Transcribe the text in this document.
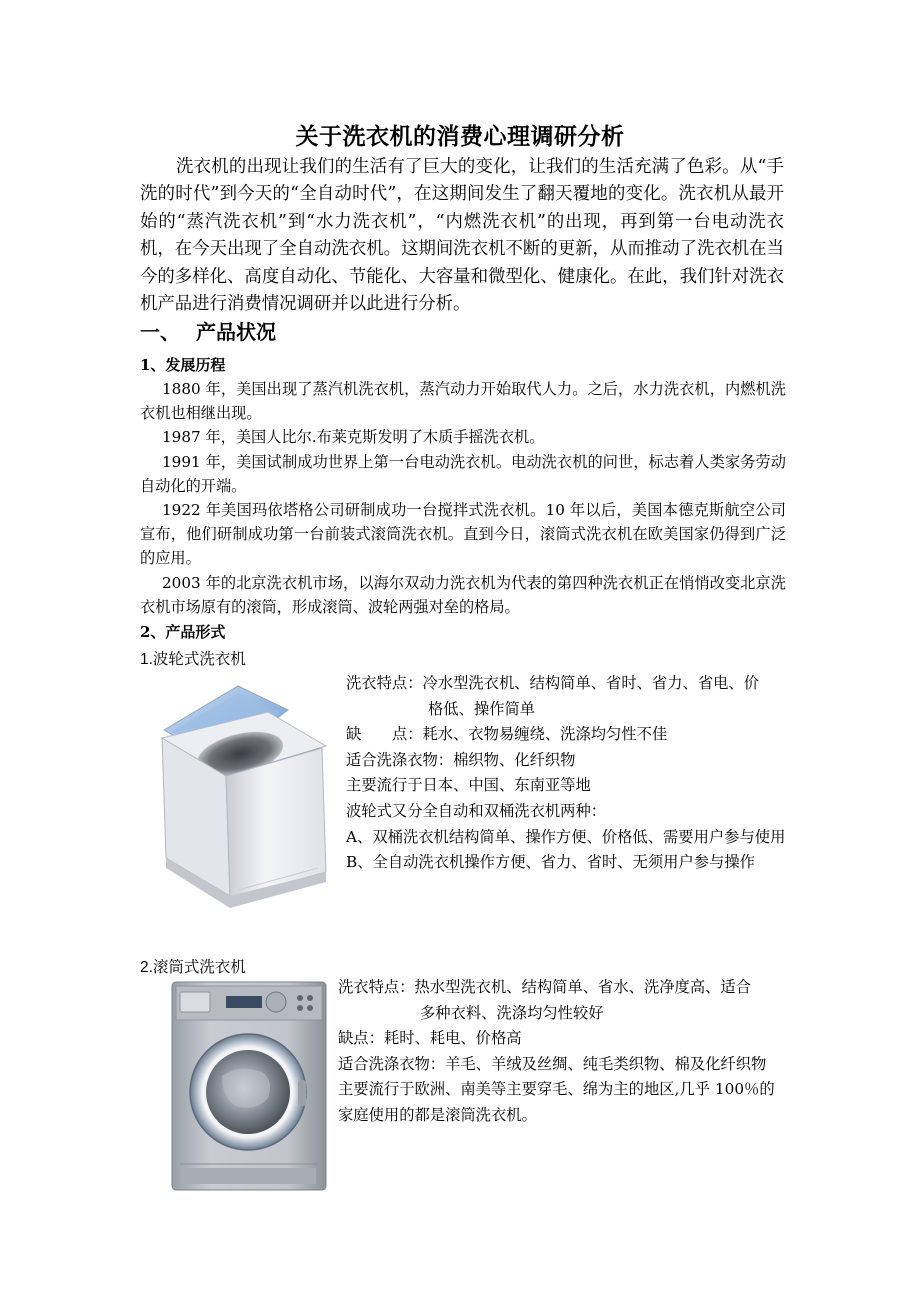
关于洗衣机的消费心理调研分析

洗衣机的出现让我们的生活有了巨大的变化，让我们的生活充满了色彩。从“手洗的时代”到今天的“全自动时代”，在这期间发生了翻天覆地的变化。洗衣机从最开始的“蒸汽洗衣机”到“水力洗衣机”，“内燃洗衣机”的出现，再到第一台电动洗衣机，在今天出现了全自动洗衣机。这期间洗衣机不断的更新，从而推动了洗衣机在当今的多样化、高度自动化、节能化、大容量和微型化、健康化。在此，我们针对洗衣机产品进行消费情况调研并以此进行分析。

一、 产品状况
1、发展历程

1880 年，美国出现了蒸汽机洗衣机，蒸汽动力开始取代人力。之后，水力洗衣机，内燃机洗衣机也相继出现。

1987 年，美国人比尔.布莱克斯发明了木质手摇洗衣机。

1991 年，美国试制成功世界上第一台电动洗衣机。电动洗衣机的问世，标志着人类家务劳动自动化的开端。

1922 年美国玛依塔格公司研制成功一台搅拌式洗衣机。10 年以后，美国本德克斯航空公司宣布，他们研制成功第一台前装式滚筒洗衣机。直到今日，滚筒式洗衣机在欧美国家仍得到广泛的应用。

2003 年的北京洗衣机市场，以海尔双动力洗衣机为代表的第四种洗衣机正在悄悄改变北京洗衣机市场原有的滚筒，形成滚筒、波轮两强对垒的格局。

2、产品形式
1.波轮式洗衣机
洗衣特点：冷水型洗衣机、结构简单、省时、省力、省电、价
格低、操作简单
缺　　点：耗水、衣物易缠绕、洗涤均匀性不佳
适合洗涤衣物：棉织物、化纤织物
主要流行于日本、中国、东南亚等地
波轮式又分全自动和双桶洗衣机两种：
A、双桶洗衣机结构简单、操作方便、价格低、需要用户参与使用
B、全自动洗衣机操作方便、省力、省时、无须用户参与操作
2.滚筒式洗衣机
洗衣特点：热水型洗衣机、结构简单、省水、洗净度高、适合
多种衣料、洗涤均匀性较好
缺点：耗时、耗电、价格高
适合洗涤衣物：羊毛、羊绒及丝绸、纯毛类织物、棉及化纤织物
主要流行于欧洲、南美等主要穿毛、绵为主的地区,几乎 100％的家庭使用的都是滚筒洗衣机。
